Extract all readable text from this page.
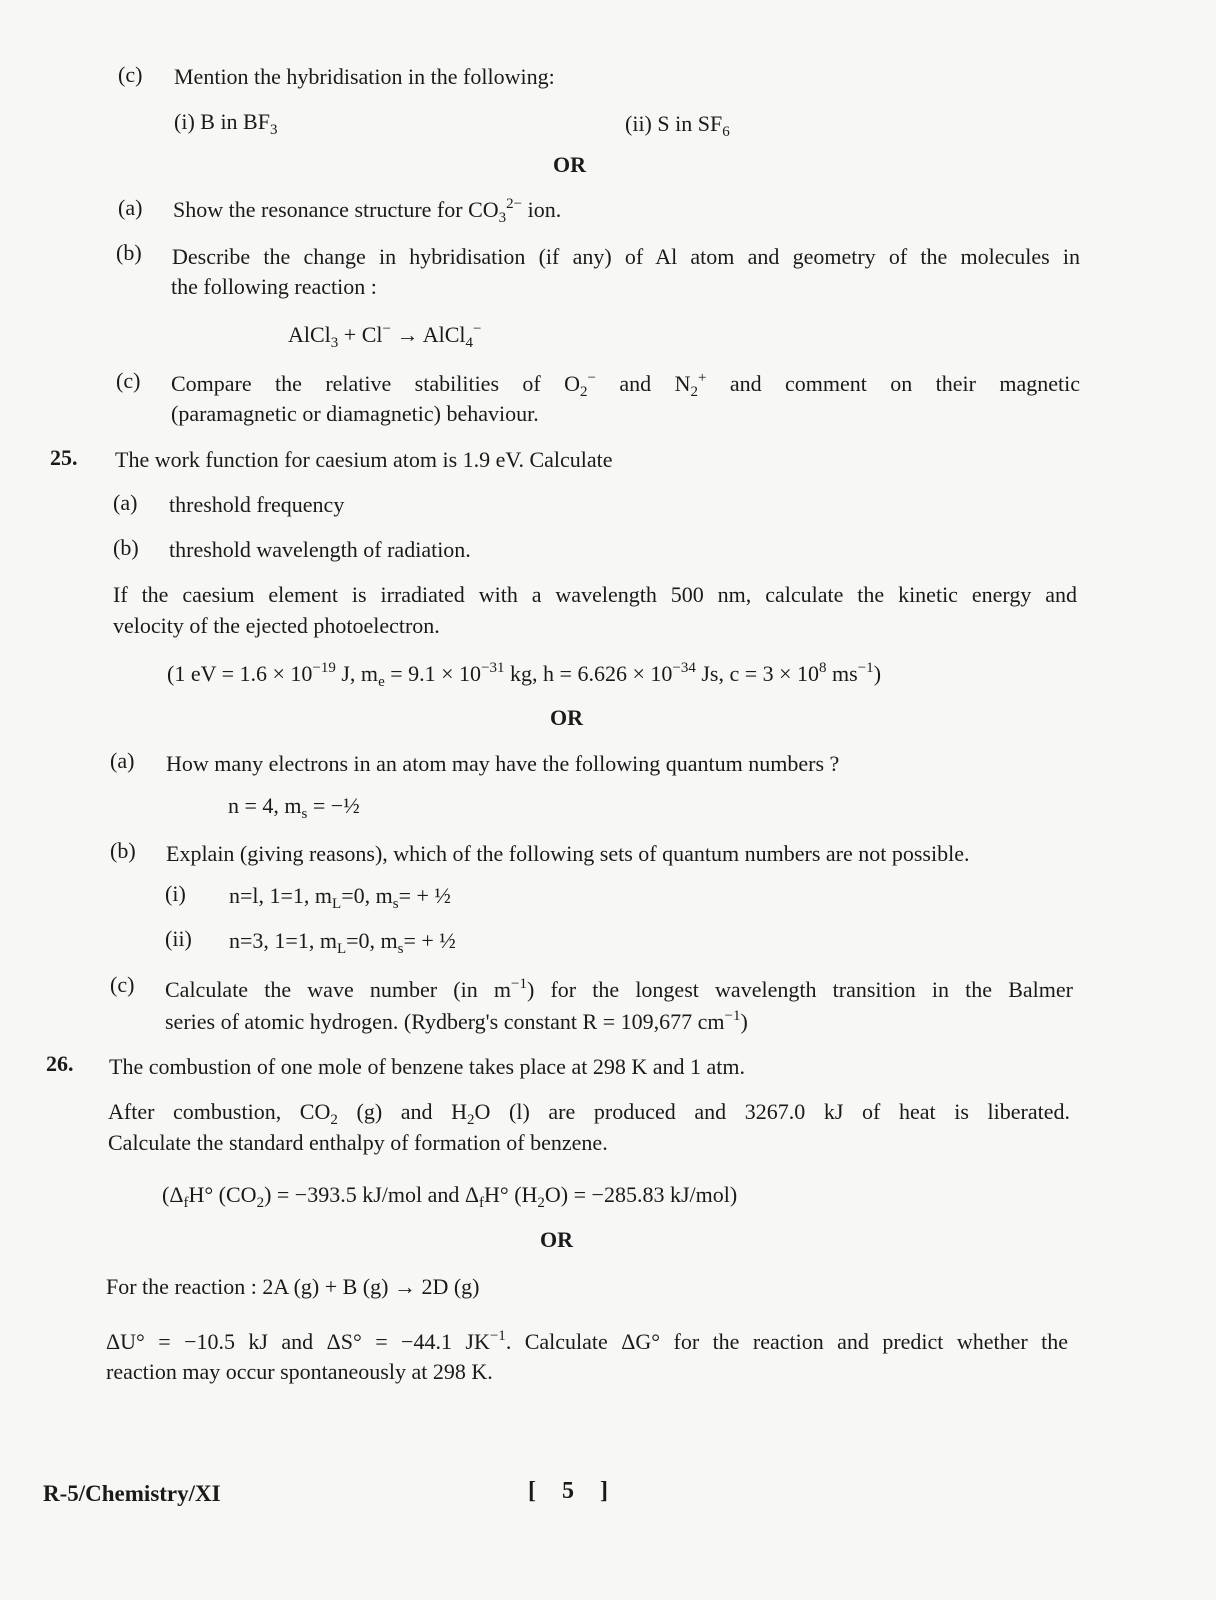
(c) Mention the hybridisation in the following:
(i) B in $BF_3$	(ii) S in $SF_6$
OR
(a) Show the resonance structure for $CO_3^{2-}$ ion.
(b) Describe the change in hybridisation (if any) of Al atom and geometry of the molecules in
the following reaction :
AlCl$_3$ + Cl− → AlCl$_4$−
(c) Compare the relative stabilities of $O_2^-$ and $N_2^+$ and comment on their magnetic
(paramagnetic or diamagnetic) behaviour.
25. The work function for caesium atom is 1.9 eV. Calculate
(a) threshold frequency
(b) threshold wavelength of radiation.
If the caesium element is irradiated with a wavelength 500 nm, calculate the kinetic energy and
velocity of the ejected photoelectron.
(1 eV = $1.6 \times 10^{-19}$ J, $m_e = 9.1 \times 10^{-31}$ kg, $h = 6.626 \times 10^{-34}$ Js, $c = 3 \times 10^8$ $ms^{-1}$)
OR
(a) How many electrons in an atom may have the following quantum numbers ?
n = 4, $m_s$ = −½
(b) Explain (giving reasons), which of the following sets of quantum numbers are not possible.
(i) n=l, 1=1, $m_L=0$, $m_s=$ + ½
(ii) n=3, 1=1, $m_L=0$, $m_s=$ + ½
(c) Calculate the wave number (in $m^{-1}$) for the longest wavelength transition in the Balmer
series of atomic hydrogen. (Rydberg's constant R = 109,677 $cm^{-1}$)
26. The combustion of one mole of benzene takes place at 298 K and 1 atm.
After combustion, $CO_2$ (g) and $H_2O$ (l) are produced and 3267.0 kJ of heat is liberated.
Calculate the standard enthalpy of formation of benzene.
($\Delta_fH^\circ$ $(CO_2) = -393.5$ kJ/mol and $\Delta_fH^\circ$ $(H_2O) = -285.83$ kJ/mol)
OR
For the reaction : 2A (g) + B (g) → 2D (g)
ΔU° = −10.5 kJ and ΔS° = −44.1 $JK^{-1}$. Calculate ΔG° for the reaction and predict whether the
reaction may occur spontaneously at 298 K.
R-5/Chemistry/XI	[ 5 ]
